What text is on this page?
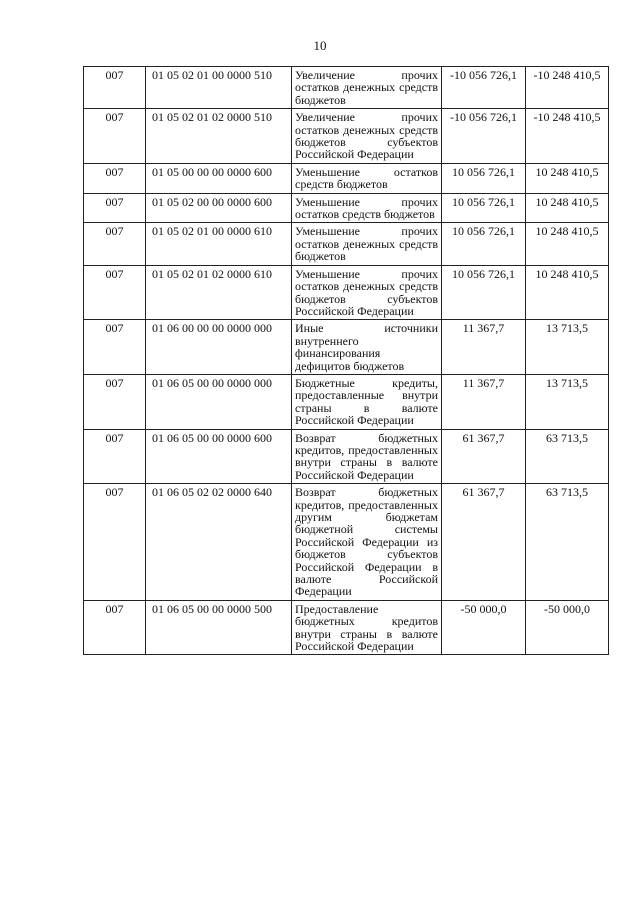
10
007	01 05 02 01 00 0000 510	Увеличение прочих остатков денежных средств бюджетов	-10 056 726,1	-10 248 410,5
007	01 05 02 01 02 0000 510	Увеличение прочих остатков денежных средств бюджетов субъектов Российской Федерации	-10 056 726,1	-10 248 410,5
007	01 05 00 00 00 0000 600	Уменьшение остатков средств бюджетов	10 056 726,1	10 248 410,5
007	01 05 02 00 00 0000 600	Уменьшение прочих остатков средств бюджетов	10 056 726,1	10 248 410,5
007	01 05 02 01 00 0000 610	Уменьшение прочих остатков денежных средств бюджетов	10 056 726,1	10 248 410,5
007	01 05 02 01 02 0000 610	Уменьшение прочих остатков денежных средств бюджетов субъектов Российской Федерации	10 056 726,1	10 248 410,5
007	01 06 00 00 00 0000 000	Иные источники внутреннего финансирования дефицитов бюджетов	11 367,7	13 713,5
007	01 06 05 00 00 0000 000	Бюджетные кредиты, предоставленные внутри страны в валюте Российской Федерации	11 367,7	13 713,5
007	01 06 05 00 00 0000 600	Возврат бюджетных кредитов, предоставленных внутри страны в валюте Российской Федерации	61 367,7	63 713,5
007	01 06 05 02 02 0000 640	Возврат бюджетных кредитов, предоставленных другим бюджетам бюджетной системы Российской Федерации из бюджетов субъектов Российской Федерации в валюте Российской Федерации	61 367,7	63 713,5
007	01 06 05 00 00 0000 500	Предоставление бюджетных кредитов внутри страны в валюте Российской Федерации	-50 000,0	-50 000,0
